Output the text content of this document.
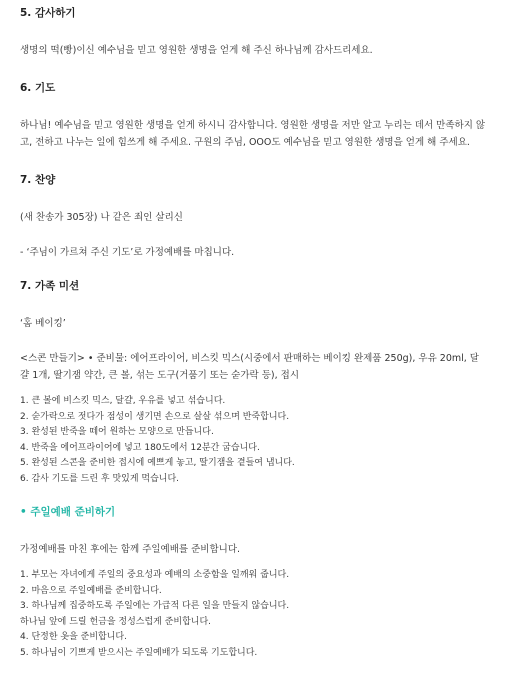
5. 감사하기

생명의 떡(빵)이신 예수님을 믿고 영원한 생명을 얻게 해 주신 하나님께 감사드리세요.

6. 기도

하나님! 예수님을 믿고 영원한 생명을 얻게 하시니 감사합니다. 영원한 생명을 저만 알고 누리는 데서 만족하지 않고, 전하고 나누는 일에 힘쓰게 해 주세요. 구원의 주님, OOO도 예수님을 믿고 영원한 생명을 얻게 해 주세요.

7. 찬양

(새 찬송가 305장) 나 같은 죄인 살리신

- ‘주님이 가르쳐 주신 기도’로 가정예배를 마칩니다.

7. 가족 미션

‘홈 베이킹’

<스콘 만들기> • 준비물: 에어프라이어, 비스킷 믹스(시중에서 판매하는 베이킹 완제품 250g), 우유 20ml, 달걀 1개, 딸기잼 약간, 큰 볼, 섞는 도구(거품기 또는 숟가락 등), 접시

1. 큰 볼에 비스킷 믹스, 달걀, 우유를 넣고 섞습니다.
2. 숟가락으로 젓다가 점성이 생기면 손으로 살살 섞으며 반죽합니다.
3. 완성된 반죽을 떼어 원하는 모양으로 만듭니다.
4. 반죽을 에어프라이어에 넣고 180도에서 12분간 굽습니다.
5. 완성된 스콘을 준비한 접시에 예쁘게 놓고, 딸기잼을 곁들여 냅니다.
6. 감사 기도를 드린 후 맛있게 먹습니다.
• 주일예배 준비하기

가정예배를 마친 후에는 함께 주일예배를 준비합니다.

1. 부모는 자녀에게 주일의 중요성과 예배의 소중함을 일깨워 줍니다.
2. 마음으로 주일예배를 준비합니다.
3. 하나님께 집중하도록 주일에는 가급적 다른 일을 만들지 않습니다.
하나님 앞에 드릴 헌금을 정성스럽게 준비합니다.
4. 단정한 옷을 준비합니다.
5. 하나님이 기쁘게 받으시는 주일예배가 되도록 기도합니다.
